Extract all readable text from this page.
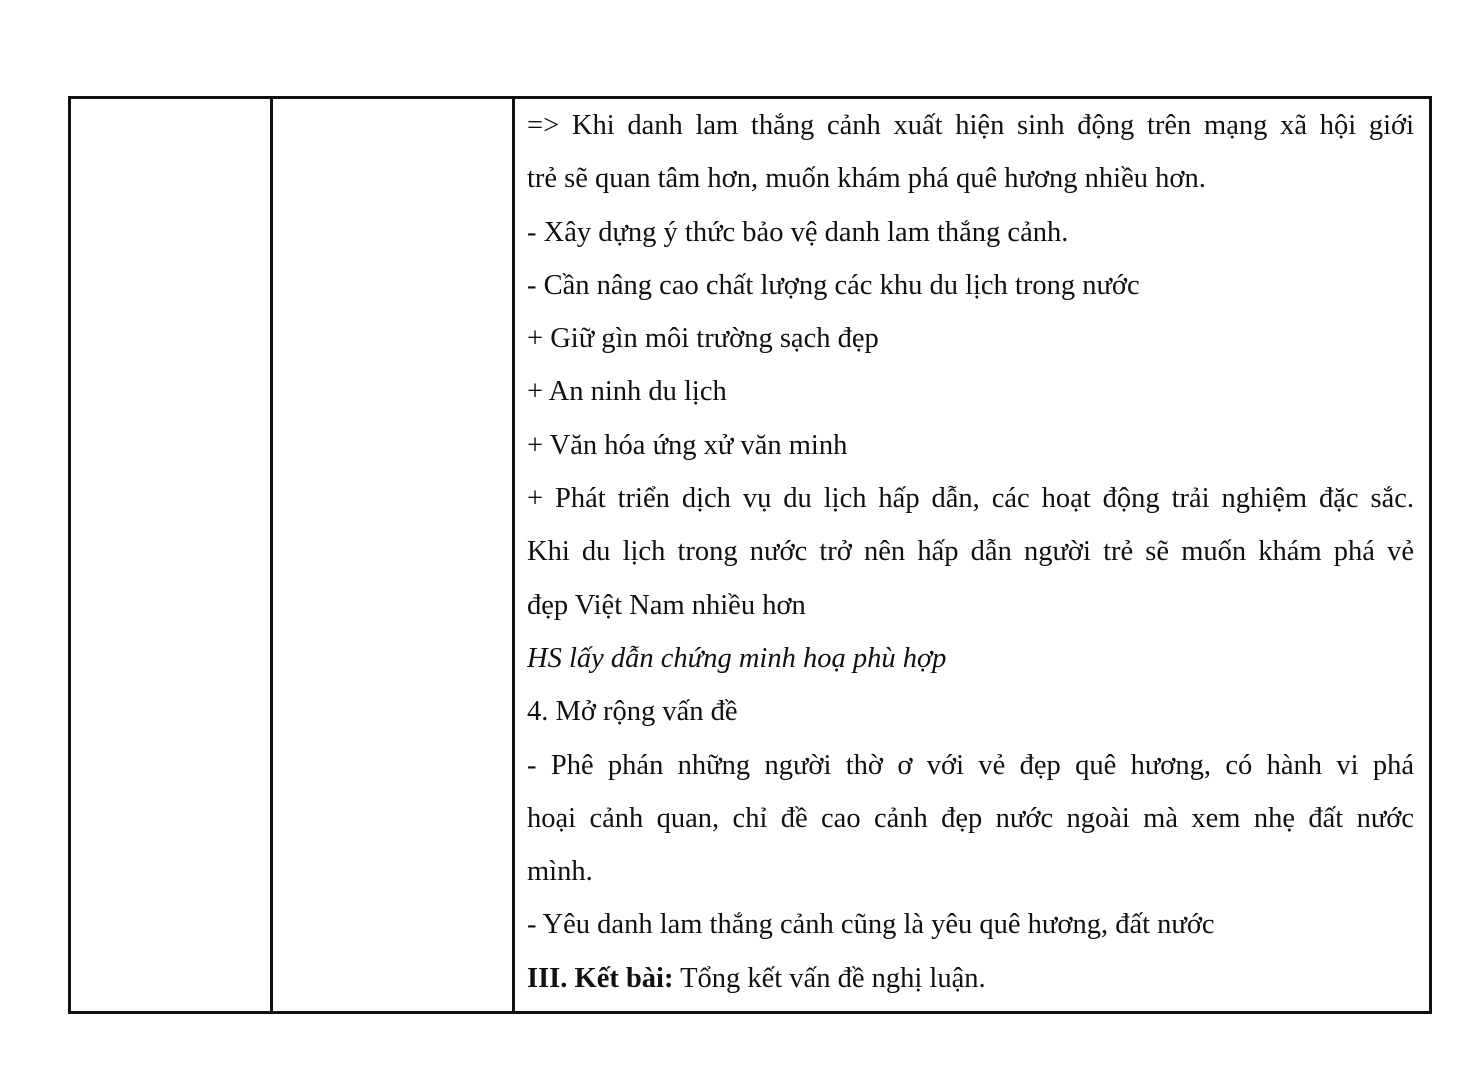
=> Khi danh lam thắng cảnh xuất hiện sinh động trên mạng xã hội giới
trẻ sẽ quan tâm hơn, muốn khám phá quê hương nhiều hơn.
- Xây dựng ý thức bảo vệ danh lam thắng cảnh.
- Cần nâng cao chất lượng các khu du lịch trong nước
+ Giữ gìn môi trường sạch đẹp
+ An ninh du lịch
+ Văn hóa ứng xử văn minh
+ Phát triển dịch vụ du lịch hấp dẫn, các hoạt động trải nghiệm đặc sắc.
Khi du lịch trong nước trở nên hấp dẫn người trẻ sẽ muốn khám phá vẻ
đẹp Việt Nam nhiều hơn
HS lấy dẫn chứng minh hoạ phù hợp
4. Mở rộng vấn đề
- Phê phán những người thờ ơ với vẻ đẹp quê hương, có hành vi phá
hoại cảnh quan, chỉ đề cao cảnh đẹp nước ngoài mà xem nhẹ đất nước
mình.
- Yêu danh lam thắng cảnh cũng là yêu quê hương, đất nước
III. Kết bài: Tổng kết vấn đề nghị luận.
